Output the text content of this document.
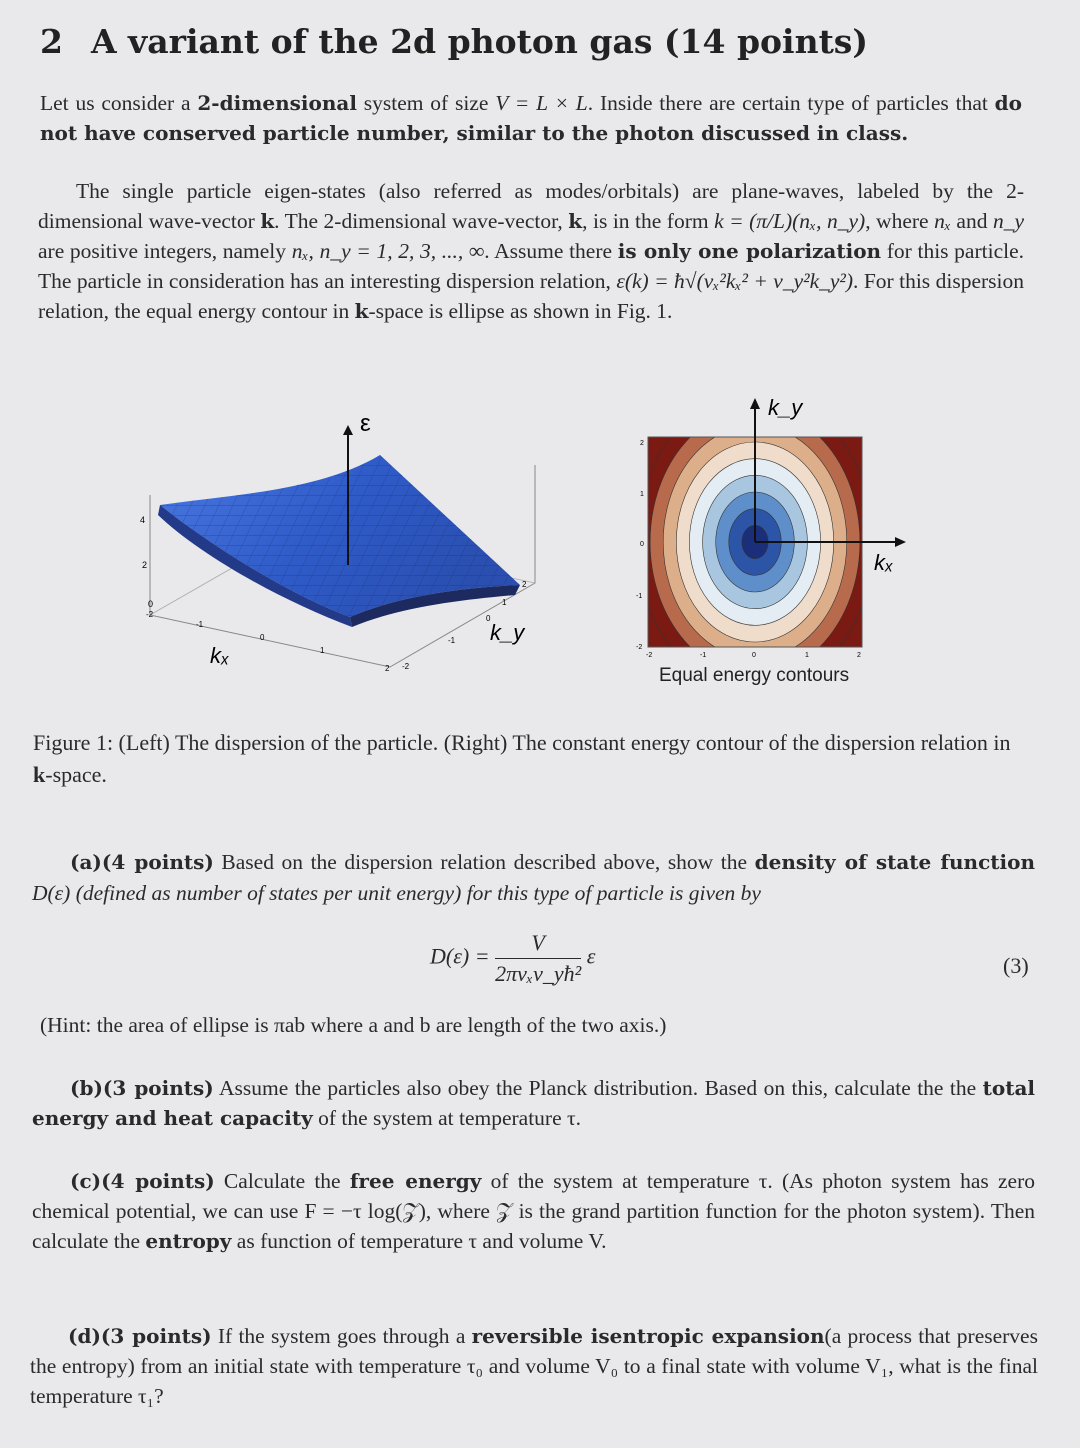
2 A variant of the 2d photon gas (14 points)
Let us consider a 2-dimensional system of size V = L × L. Inside there are certain type of particles that do not have conserved particle number, similar to the photon discussed in class.
The single particle eigen-states (also referred as modes/orbitals) are plane-waves, labeled by the 2-dimensional wave-vector k. The 2-dimensional wave-vector, k, is in the form k = (π/L)(nₓ, n_y), where nₓ and n_y are positive integers, namely nₓ, n_y = 1, 2, 3, ..., ∞. Assume there is only one polarization for this particle. The particle in consideration has an interesting dispersion relation, ε(k) = ħ√(vₓ²kₓ² + v_y²k_y²). For this dispersion relation, the equal energy contour in k-space is ellipse as shown in Fig. 1.
ε
4
2
0
-2
-1
0
1
2 -2
-1
0
1
2
kₓ
k_y
k_y
kₓ
2
1
0
-1
-2
-2	-1	0	1	2
Equal energy contours
Figure 1: (Left) The dispersion of the particle. (Right) The constant energy contour of the dispersion relation in k-space.
(a)(4 points) Based on the dispersion relation described above, show the density of state function D(ε) (defined as number of states per unit energy) for this type of particle is given by
$D(\varepsilon) = \frac{V}{\text{2πvₓv\_yħ²}}$ ε	(3)
(Hint: the area of ellipse is πab where a and b are length of the two axis.)
(b)(3 points) Assume the particles also obey the Planck distribution. Based on this, calculate the the total energy and heat capacity of the system at temperature τ.
(c)(4 points) Calculate the free energy of the system at temperature τ. (As photon system has zero chemical potential, we can use F = −τ log(𝒵), where 𝒵 is the grand partition function for the photon system). Then calculate the entropy as function of temperature τ and volume V.
(d)(3 points) If the system goes through a reversible isentropic expansion(a process that preserves the entropy) from an initial state with temperature τ₀ and volume V₀ to a final state with volume V₁, what is the final temperature τ₁?
